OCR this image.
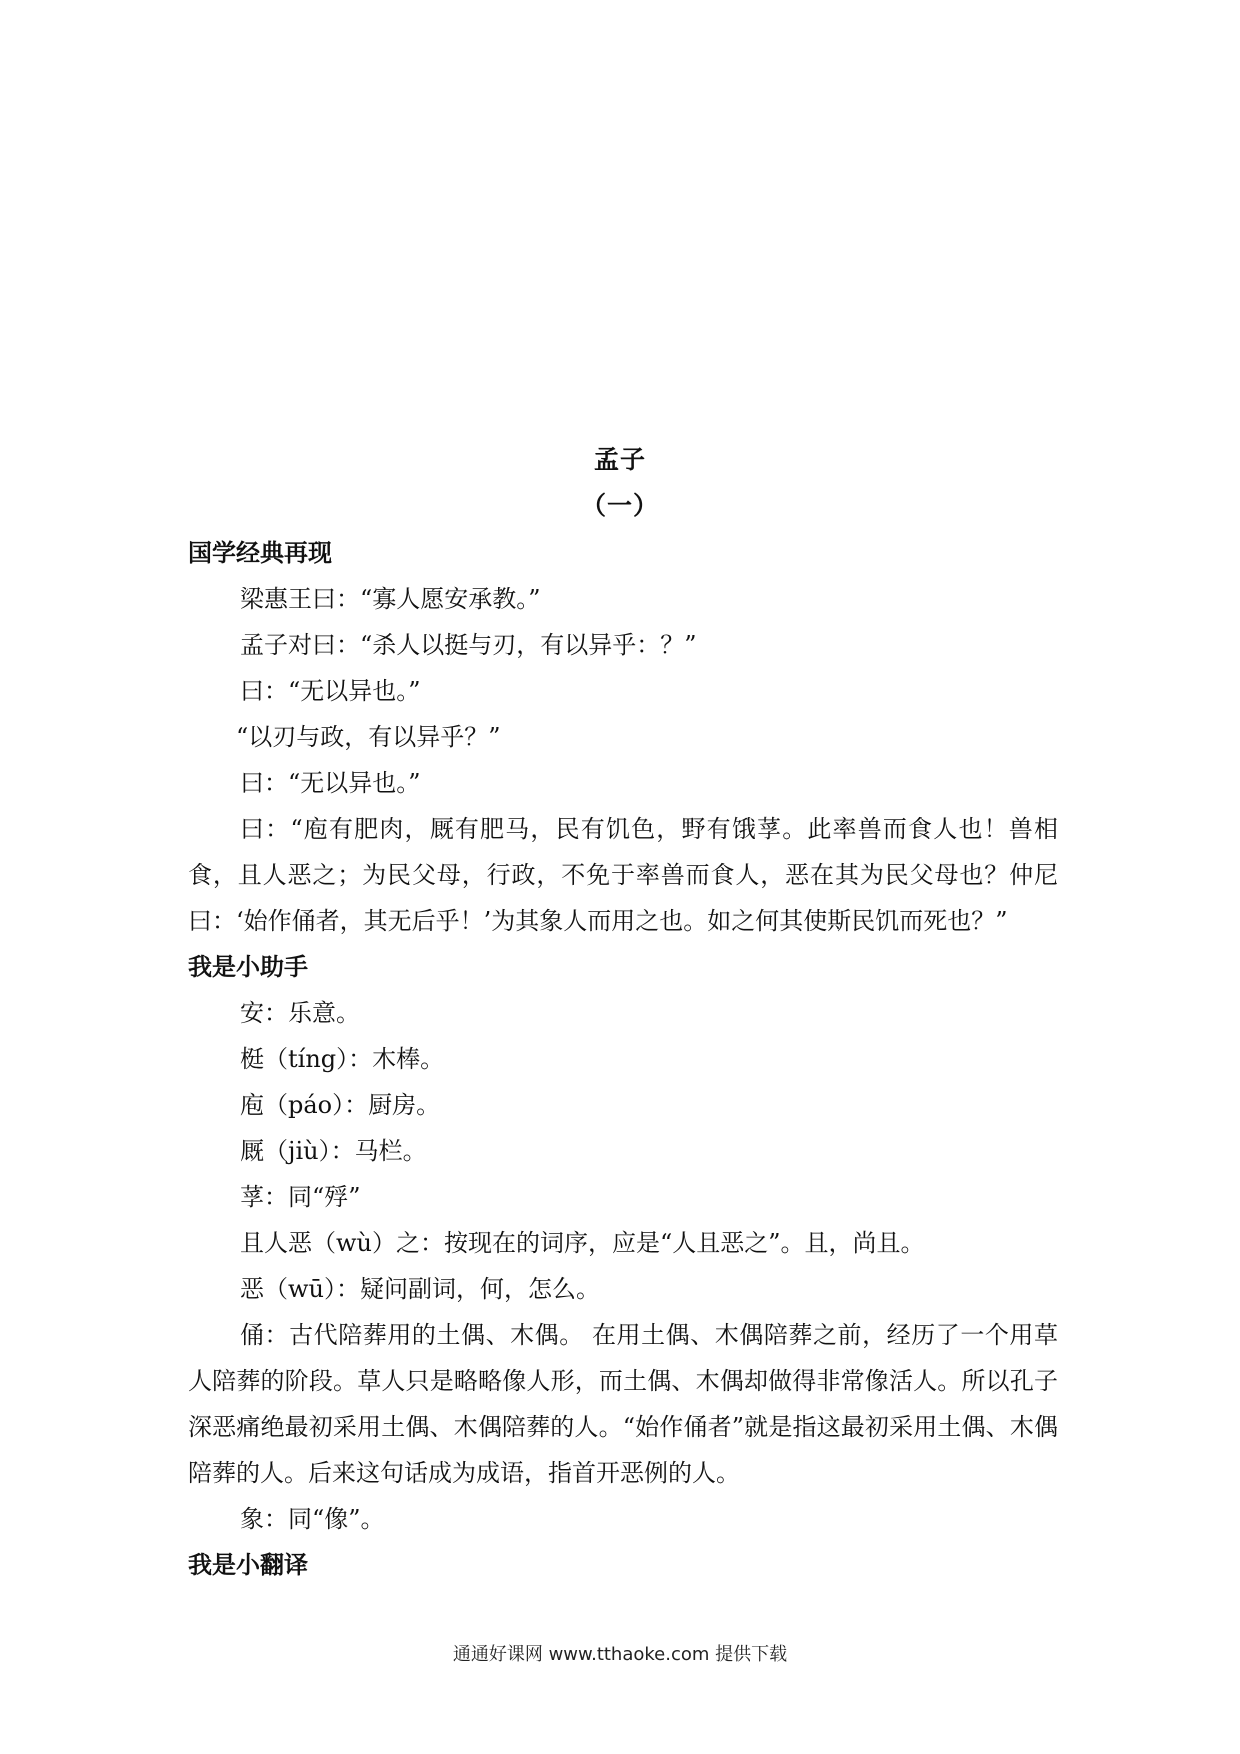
孟子
（一）

国学经典再现

梁惠王曰：“寡人愿安承教。”

孟子对曰：“杀人以挺与刃，有以异乎：？”

曰：“无以异也。”

“以刃与政，有以异乎？”

曰：“无以异也。”

曰：“庖有肥肉，厩有肥马，民有饥色，野有饿莩。此率兽而食人也！兽相食，且人恶之；为民父母，行政，不免于率兽而食人，恶在其为民父母也？仲尼曰：‘始作俑者，其无后乎！’为其象人而用之也。如之何其使斯民饥而死也？”

我是小助手

安：乐意。

梃（tíng）：木棒。

庖（páo）：厨房。

厩（jiù）：马栏。

莩：同“殍”

且人恶（wù）之：按现在的词序，应是“人且恶之”。且，尚且。

恶（wū）：疑问副词，何，怎么。

俑：古代陪葬用的土偶、木偶。 在用土偶、木偶陪葬之前，经历了一个用草人陪葬的阶段。草人只是略略像人形，而土偶、木偶却做得非常像活人。所以孔子深恶痛绝最初采用土偶、木偶陪葬的人。“始作俑者”就是指这最初采用土偶、木偶陪葬的人。后来这句话成为成语，指首开恶例的人。

象：同“像”。

我是小翻译

通通好课网 www.tthaoke.com 提供下载
